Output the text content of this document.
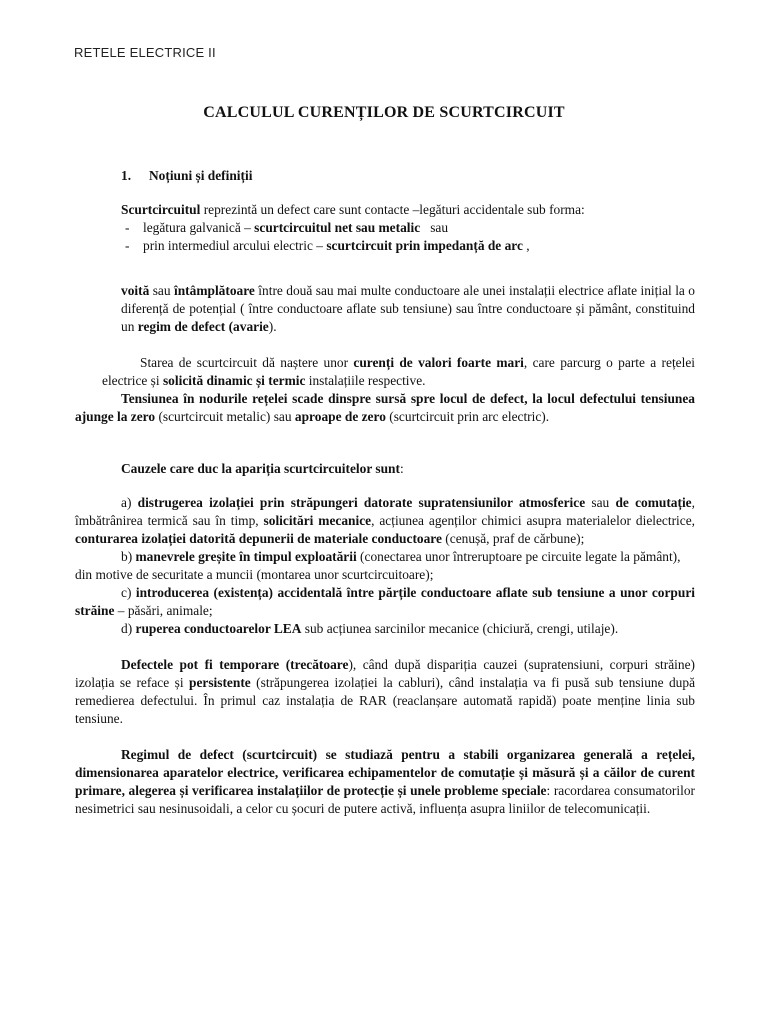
RETELE ELECTRICE II
CALCULUL CURENȚILOR DE SCURTCIRCUIT

1. Noțiuni și definiții

Scurtcircuitul reprezintă un defect care sunt contacte –legături accidentale sub forma:

- legătura galvanică – scurtcircuitul net sau metalic   sau
- prin intermediul arcului electric – scurtcircuit prin impedanță de arc ,

voită sau întâmplătoare între două sau mai multe conductoare ale unei instalații electrice aflate inițial la o diferență de potențial ( între conductoare aflate sub tensiune) sau între conductoare și pământ, constituind un regim de defect (avarie).

Starea de scurtcircuit dă naștere unor curenți de valori foarte mari, care parcurg o parte a rețelei electrice și solicită dinamic și termic instalațiile respective.

Tensiunea în nodurile rețelei scade dinspre sursă spre locul de defect, la locul defectului tensiunea ajunge la zero (scurtcircuit metalic) sau aproape de zero (scurtcircuit prin arc electric).

Cauzele care duc la apariția scurtcircuitelor sunt:

a) distrugerea izolației prin străpungeri datorate supratensiunilor atmosferice sau de comutație, îmbătrânirea termică sau în timp, solicitări mecanice, acțiunea agenților chimici asupra materialelor dielectrice, conturarea izolației datorită depunerii de materiale conductoare (cenușă, praf de cărbune);

b) manevrele greșite în timpul exploatării (conectarea unor întreruptoare pe circuite legate la pământ), din motive de securitate a muncii (montarea unor scurtcircuitoare);

c) introducerea (existența) accidentală între părțile conductoare aflate sub tensiune a unor corpuri străine – păsări, animale;

d) ruperea conductoarelor LEA sub acțiunea sarcinilor mecanice (chiciură, crengi, utilaje).

Defectele pot fi temporare (trecătoare), când după dispariția cauzei (supratensiuni, corpuri străine) izolația se reface și persistente (străpungerea izolației la cabluri), când instalația va fi pusă sub tensiune după remedierea defectului. În primul caz instalația de RAR (reaclanșare automată rapidă) poate menține linia sub tensiune.

Regimul de defect (scurtcircuit) se studiază pentru a stabili organizarea generală a rețelei, dimensionarea aparatelor electrice, verificarea echipamentelor de comutație și măsură și a căilor de curent primare, alegerea și verificarea instalațiilor de protecție și unele probleme speciale: racordarea consumatorilor nesimetrici sau nesinusoidali, a celor cu șocuri de putere activă, influența asupra liniilor de telecomunicații.
